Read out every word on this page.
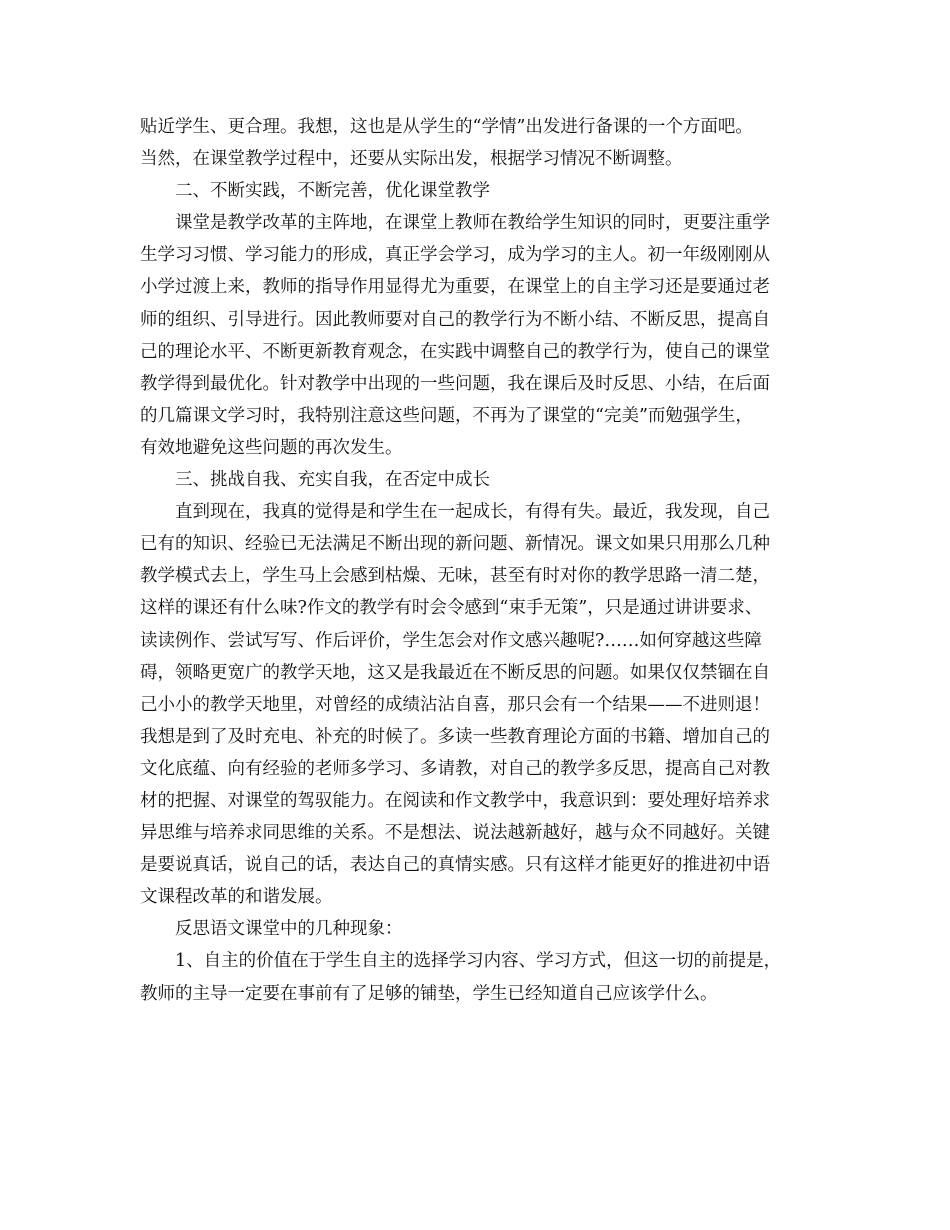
贴近学生、更合理。我想，这也是从学生的“学情”出发进行备课的一个方面吧。
当然，在课堂教学过程中，还要从实际出发，根据学习情况不断调整。
二、不断实践，不断完善，优化课堂教学
课堂是教学改革的主阵地，在课堂上教师在教给学生知识的同时，更要注重学
生学习习惯、学习能力的形成，真正学会学习，成为学习的主人。初一年级刚刚从
小学过渡上来，教师的指导作用显得尤为重要，在课堂上的自主学习还是要通过老
师的组织、引导进行。因此教师要对自己的教学行为不断小结、不断反思，提高自
己的理论水平、不断更新教育观念，在实践中调整自己的教学行为，使自己的课堂
教学得到最优化。针对教学中出现的一些问题，我在课后及时反思、小结，在后面
的几篇课文学习时，我特别注意这些问题，不再为了课堂的“完美”而勉强学生，
有效地避免这些问题的再次发生。
三、挑战自我、充实自我，在否定中成长
直到现在，我真的觉得是和学生在一起成长，有得有失。最近，我发现，自己
已有的知识、经验已无法满足不断出现的新问题、新情况。课文如果只用那么几种
教学模式去上，学生马上会感到枯燥、无味，甚至有时对你的教学思路一清二楚，
这样的课还有什么味?作文的教学有时会令感到“束手无策”，只是通过讲讲要求、
读读例作、尝试写写、作后评价，学生怎会对作文感兴趣呢?……如何穿越这些障
碍，领略更宽广的教学天地，这又是我最近在不断反思的问题。如果仅仅禁锢在自
己小小的教学天地里，对曾经的成绩沾沾自喜，那只会有一个结果——不进则退！
我想是到了及时充电、补充的时候了。多读一些教育理论方面的书籍、增加自己的
文化底蕴、向有经验的老师多学习、多请教，对自己的教学多反思，提高自己对教
材的把握、对课堂的驾驭能力。在阅读和作文教学中，我意识到：要处理好培养求
异思维与培养求同思维的关系。不是想法、说法越新越好，越与众不同越好。关键
是要说真话，说自己的话，表达自己的真情实感。只有这样才能更好的推进初中语
文课程改革的和谐发展。
反思语文课堂中的几种现象：
1、自主的价值在于学生自主的选择学习内容、学习方式，但这一切的前提是，
教师的主导一定要在事前有了足够的铺垫，学生已经知道自己应该学什么。
